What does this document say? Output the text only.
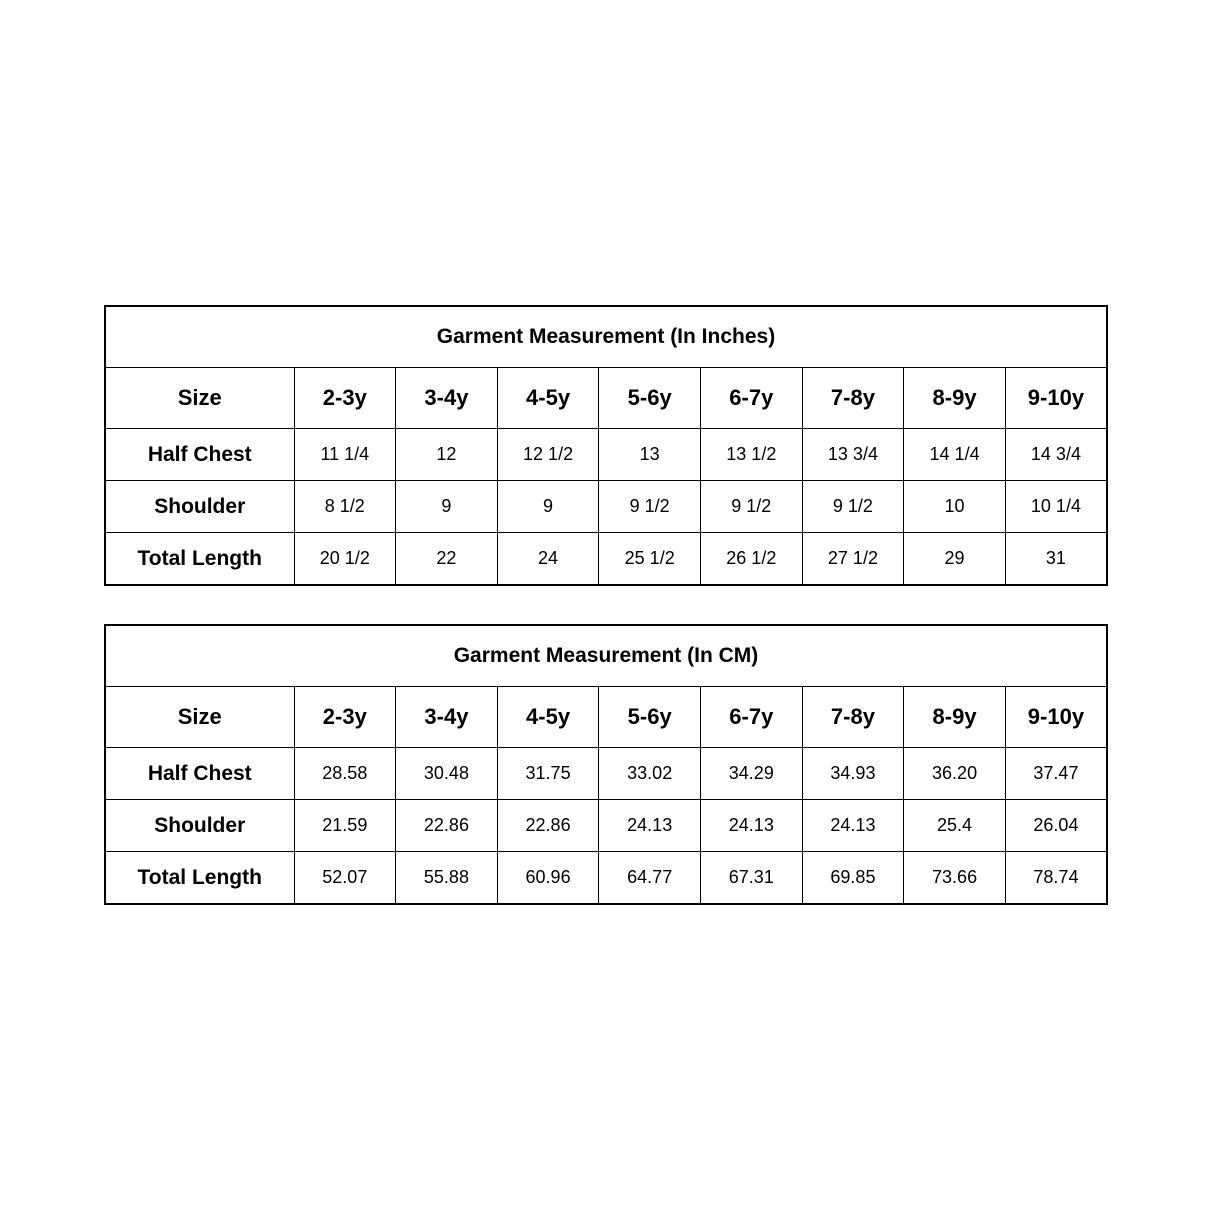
Garment Measurement (In Inches)								
Size	2-3y	3-4y	4-5y	5-6y	6-7y	7-8y	8-9y	9-10y
Half Chest	11 1/4	12	12 1/2	13	13 1/2	13 3/4	14 1/4	14 3/4
Shoulder	8 1/2	9	9	9 1/2	9 1/2	9 1/2	10	10 1/4
Total Length	20 1/2	22	24	25 1/2	26 1/2	27 1/2	29	31
Garment Measurement (In CM)								
Size	2-3y	3-4y	4-5y	5-6y	6-7y	7-8y	8-9y	9-10y
Half Chest	28.58	30.48	31.75	33.02	34.29	34.93	36.20	37.47
Shoulder	21.59	22.86	22.86	24.13	24.13	24.13	25.4	26.04
Total Length	52.07	55.88	60.96	64.77	67.31	69.85	73.66	78.74
